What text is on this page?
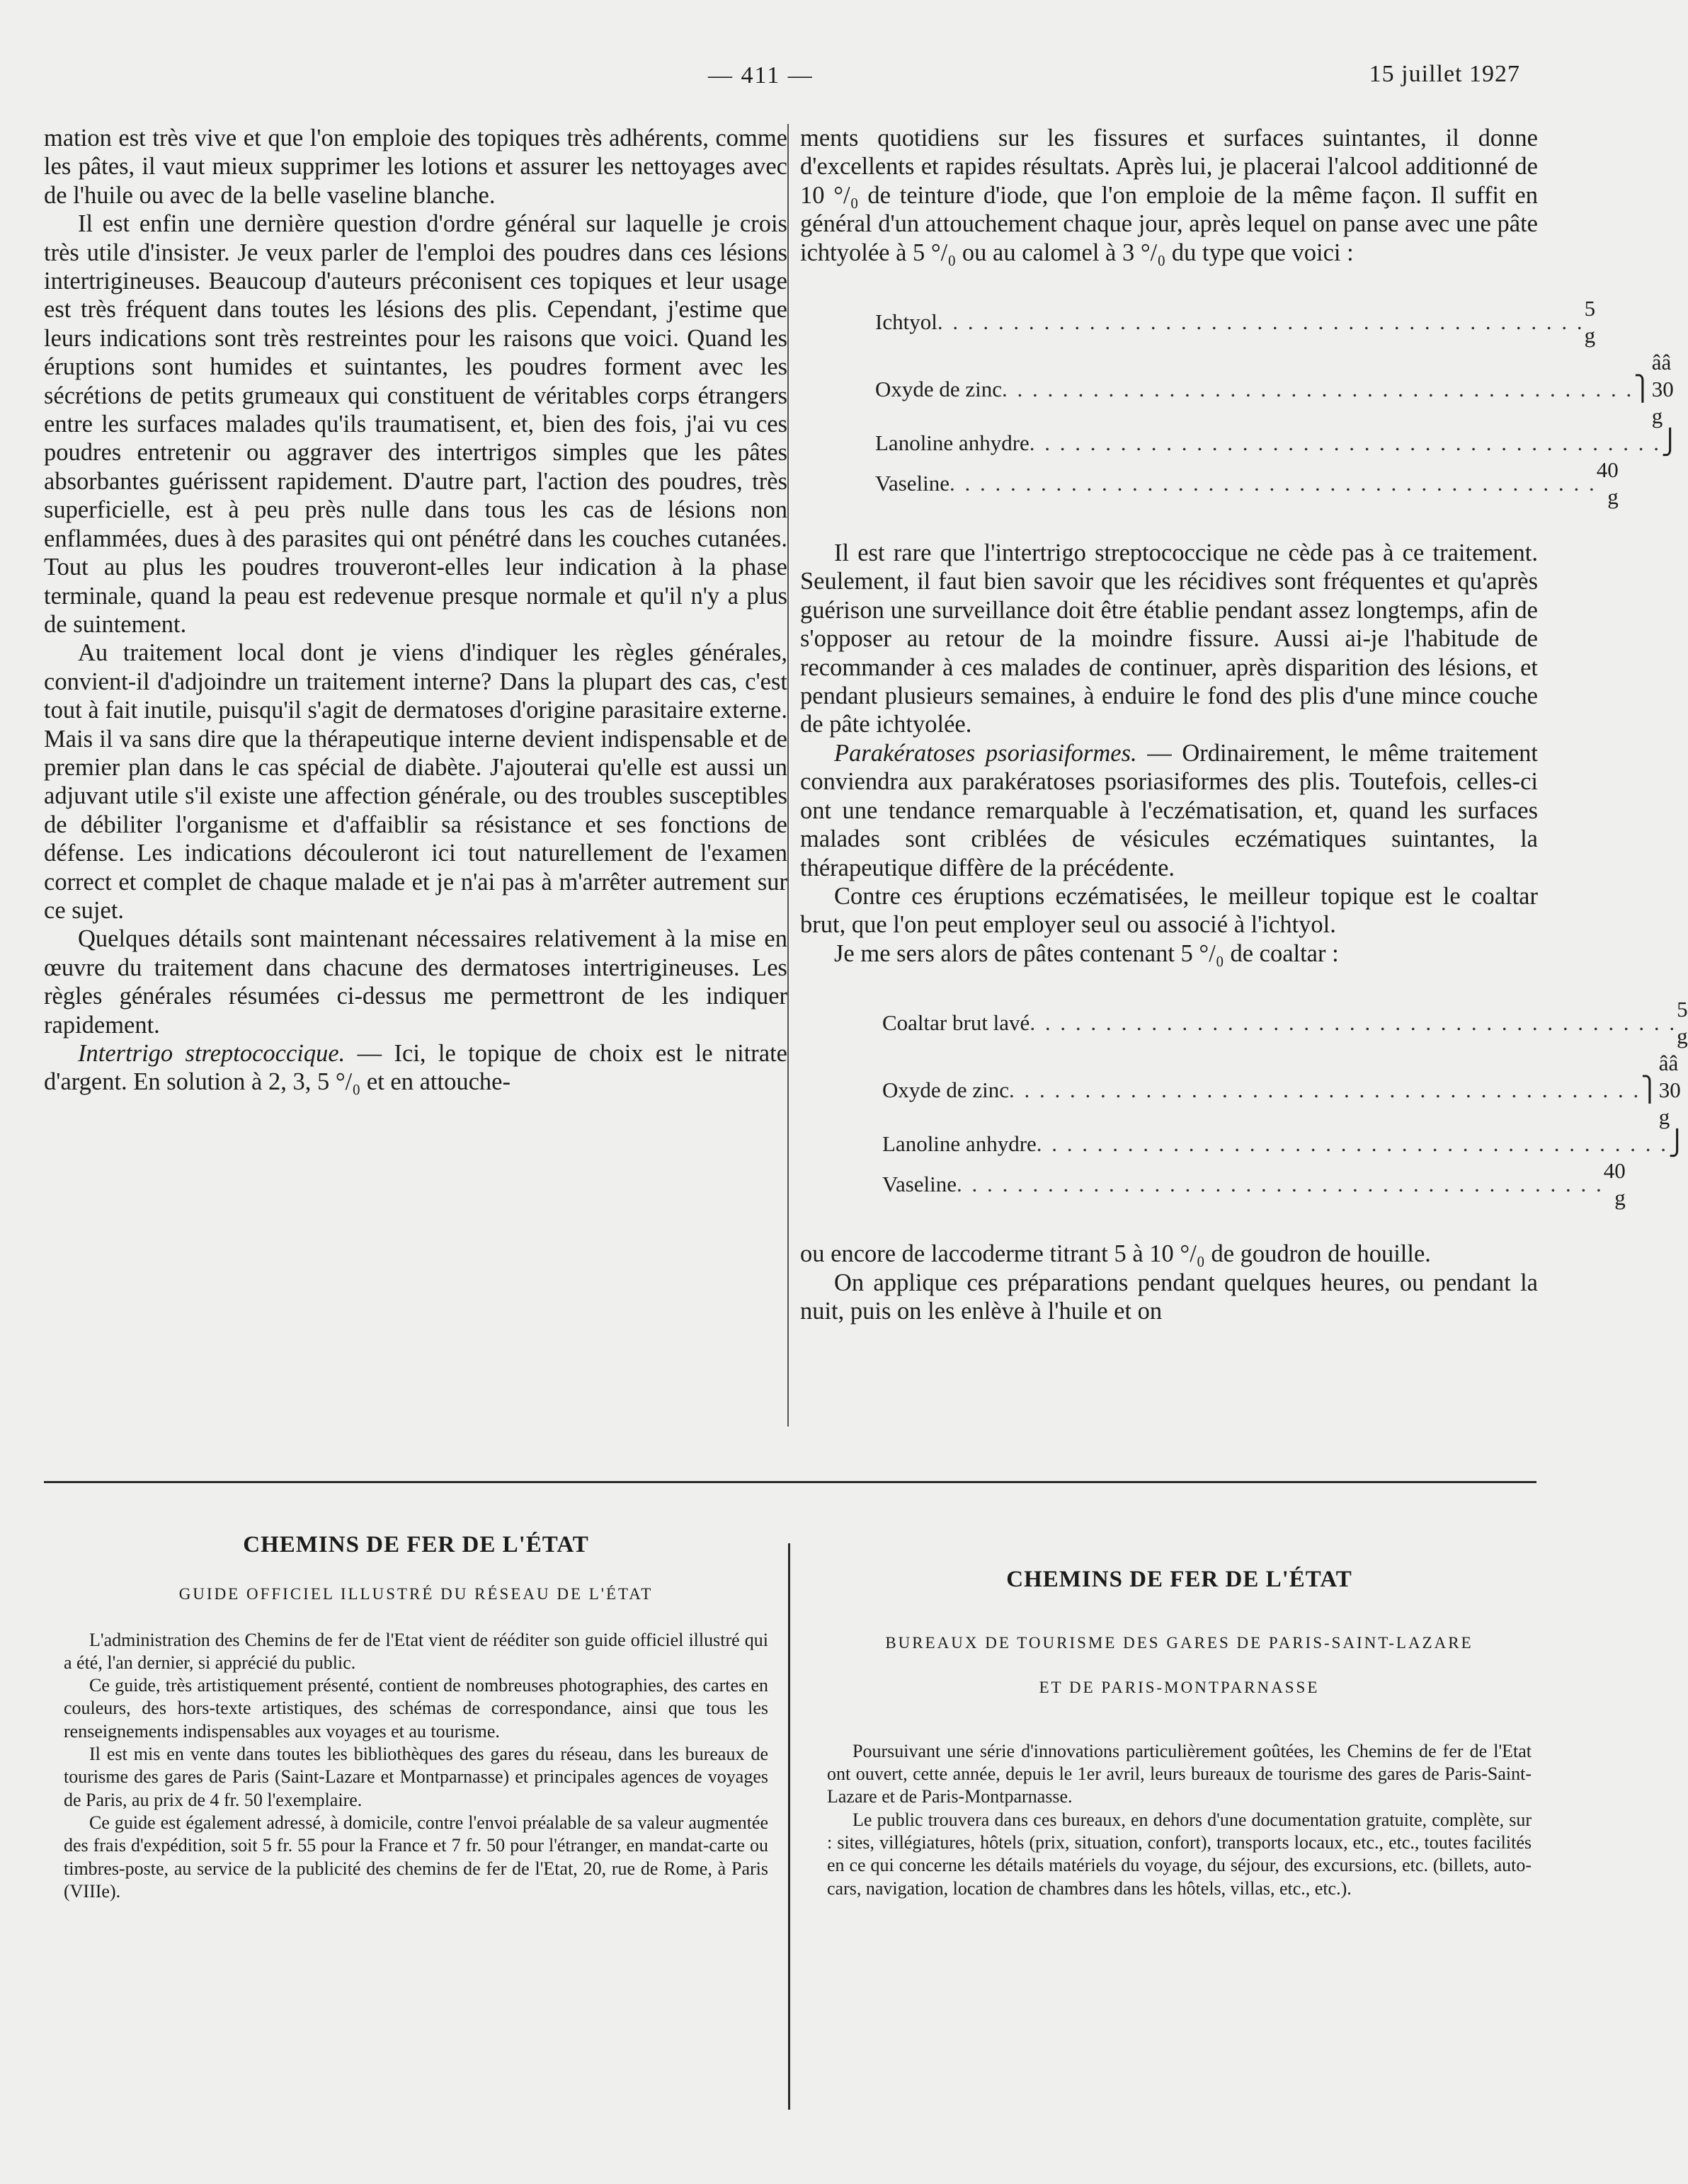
— 411 —	15 juillet 1927

mation est très vive et que l'on emploie des topiques très adhérents, comme les pâtes, il vaut mieux supprimer les lotions et assurer les nettoyages avec de l'huile ou avec de la belle vaseline blanche.

Il est enfin une dernière question d'ordre général sur laquelle je crois très utile d'insister. Je veux parler de l'emploi des poudres dans ces lésions intertrigineuses. Beaucoup d'auteurs préconisent ces topiques et leur usage est très fréquent dans toutes les lésions des plis. Cependant, j'estime que leurs indications sont très restreintes pour les raisons que voici. Quand les éruptions sont humides et suintantes, les poudres forment avec les sécrétions de petits grumeaux qui constituent de véritables corps étrangers entre les surfaces malades qu'ils traumatisent, et, bien des fois, j'ai vu ces poudres entretenir ou aggraver des intertrigos simples que les pâtes absorbantes guérissent rapidement. D'autre part, l'action des poudres, très superficielle, est à peu près nulle dans tous les cas de lésions non enflammées, dues à des parasites qui ont pénétré dans les couches cutanées. Tout au plus les poudres trouveront-elles leur indication à la phase terminale, quand la peau est redevenue presque normale et qu'il n'y a plus de suintement.

Au traitement local dont je viens d'indiquer les règles générales, convient-il d'adjoindre un traitement interne? Dans la plupart des cas, c'est tout à fait inutile, puisqu'il s'agit de dermatoses d'origine parasitaire externe. Mais il va sans dire que la thérapeutique interne devient indispensable et de premier plan dans le cas spécial de diabète. J'ajouterai qu'elle est aussi un adjuvant utile s'il existe une affection générale, ou des troubles susceptibles de débiliter l'organisme et d'affaiblir sa résistance et ses fonctions de défense. Les indications découleront ici tout naturellement de l'examen correct et complet de chaque malade et je n'ai pas à m'arrêter autrement sur ce sujet.

Quelques détails sont maintenant nécessaires relativement à la mise en œuvre du traitement dans chacune des dermatoses intertrigineuses. Les règles générales résumées ci-dessus me permettront de les indiquer rapidement.

Intertrigo streptococcique. — Ici, le topique de choix est le nitrate d'argent. En solution à 2, 3, 5 °/₀ et en attouche-

ments quotidiens sur les fissures et surfaces suintantes, il donne d'excellents et rapides résultats. Après lui, je placerai l'alcool additionné de 10 °/₀ de teinture d'iode, que l'on emploie de la même façon. Il suffit en général d'un attouchement chaque jour, après lequel on panse avec une pâte ichtyolée à 5 °/₀ ou au calomel à 3 °/₀ du type que voici :

Ichtyol . . . . . . . . . . . . . . . . . . . . . . . . . . . . . . . . . . . . . . . . . . .
5 g
Oxyde de zinc . . . . . . . . . . . . . . . . . . . . . . . . . . . . . . . . . . . . . . . . . . ⎫
ââ 30 g
Lanoline anhydre . . . . . . . . . . . . . . . . . . . . . . . . . . . . . . . . . . . . . . . . . . ⎭
Vaseline . . . . . . . . . . . . . . . . . . . . . . . . . . . . . . . . . . . . . . . . . . .
40 g

Il est rare que l'intertrigo streptococcique ne cède pas à ce traitement. Seulement, il faut bien savoir que les récidives sont fréquentes et qu'après guérison une surveillance doit être établie pendant assez longtemps, afin de s'opposer au retour de la moindre fissure. Aussi ai-je l'habitude de recommander à ces malades de continuer, après disparition des lésions, et pendant plusieurs semaines, à enduire le fond des plis d'une mince couche de pâte ichtyolée.

Parakératoses psoriasiformes. — Ordinairement, le même traitement conviendra aux parakératoses psoriasiformes des plis. Toutefois, celles-ci ont une tendance remarquable à l'eczématisation, et, quand les surfaces malades sont criblées de vésicules eczématiques suintantes, la thérapeutique diffère de la précédente.

Contre ces éruptions eczématisées, le meilleur topique est le coaltar brut, que l'on peut employer seul ou associé à l'ichtyol.

Je me sers alors de pâtes contenant 5 °/₀ de coaltar :

Coaltar brut lavé . . . . . . . . . . . . . . . . . . . . . . . . . . . . . . . . . . . . . . . . . . .
5 g
Oxyde de zinc . . . . . . . . . . . . . . . . . . . . . . . . . . . . . . . . . . . . . . . . . . ⎫
ââ 30 g
Lanoline anhydre . . . . . . . . . . . . . . . . . . . . . . . . . . . . . . . . . . . . . . . . . . ⎭
Vaseline . . . . . . . . . . . . . . . . . . . . . . . . . . . . . . . . . . . . . . . . . . .
40 g

ou encore de laccoderme titrant 5 à 10 °/₀ de goudron de houille.

On applique ces préparations pendant quelques heures, ou pendant la nuit, puis on les enlève à l'huile et on

CHEMINS DE FER DE L'ÉTAT
GUIDE OFFICIEL ILLUSTRÉ DU RÉSEAU DE L'ÉTAT

L'administration des Chemins de fer de l'Etat vient de rééditer son guide officiel illustré qui a été, l'an dernier, si apprécié du public.

Ce guide, très artistiquement présenté, contient de nombreuses photographies, des cartes en couleurs, des hors-texte artistiques, des schémas de correspondance, ainsi que tous les renseignements indispensables aux voyages et au tourisme.

Il est mis en vente dans toutes les bibliothèques des gares du réseau, dans les bureaux de tourisme des gares de Paris (Saint-Lazare et Montparnasse) et principales agences de voyages de Paris, au prix de 4 fr. 50 l'exemplaire.

Ce guide est également adressé, à domicile, contre l'envoi préalable de sa valeur augmentée des frais d'expédition, soit 5 fr. 55 pour la France et 7 fr. 50 pour l'étranger, en mandat-carte ou timbres-poste, au service de la publicité des chemins de fer de l'Etat, 20, rue de Rome, à Paris (VIIIe).

CHEMINS DE FER DE L'ÉTAT
BUREAUX DE TOURISME DES GARES DE PARIS-SAINT-LAZARE
ET DE PARIS-MONTPARNASSE

Poursuivant une série d'innovations particulièrement goûtées, les Chemins de fer de l'Etat ont ouvert, cette année, depuis le 1er avril, leurs bureaux de tourisme des gares de Paris-Saint-Lazare et de Paris-Montparnasse.

Le public trouvera dans ces bureaux, en dehors d'une documentation gratuite, complète, sur : sites, villégiatures, hôtels (prix, situation, confort), transports locaux, etc., etc., toutes facilités en ce qui concerne les détails matériels du voyage, du séjour, des excursions, etc. (billets, auto-cars, navigation, location de chambres dans les hôtels, villas, etc., etc.).
